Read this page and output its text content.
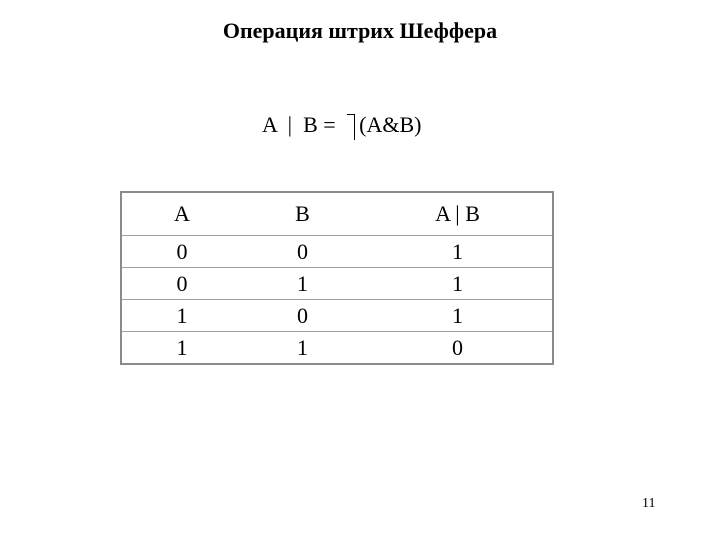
Операция штрих Шеффера
A  |  B = (A&B)
A	B	A | B
0	0	1
0	1	1
1	0	1
1	1	0
11
